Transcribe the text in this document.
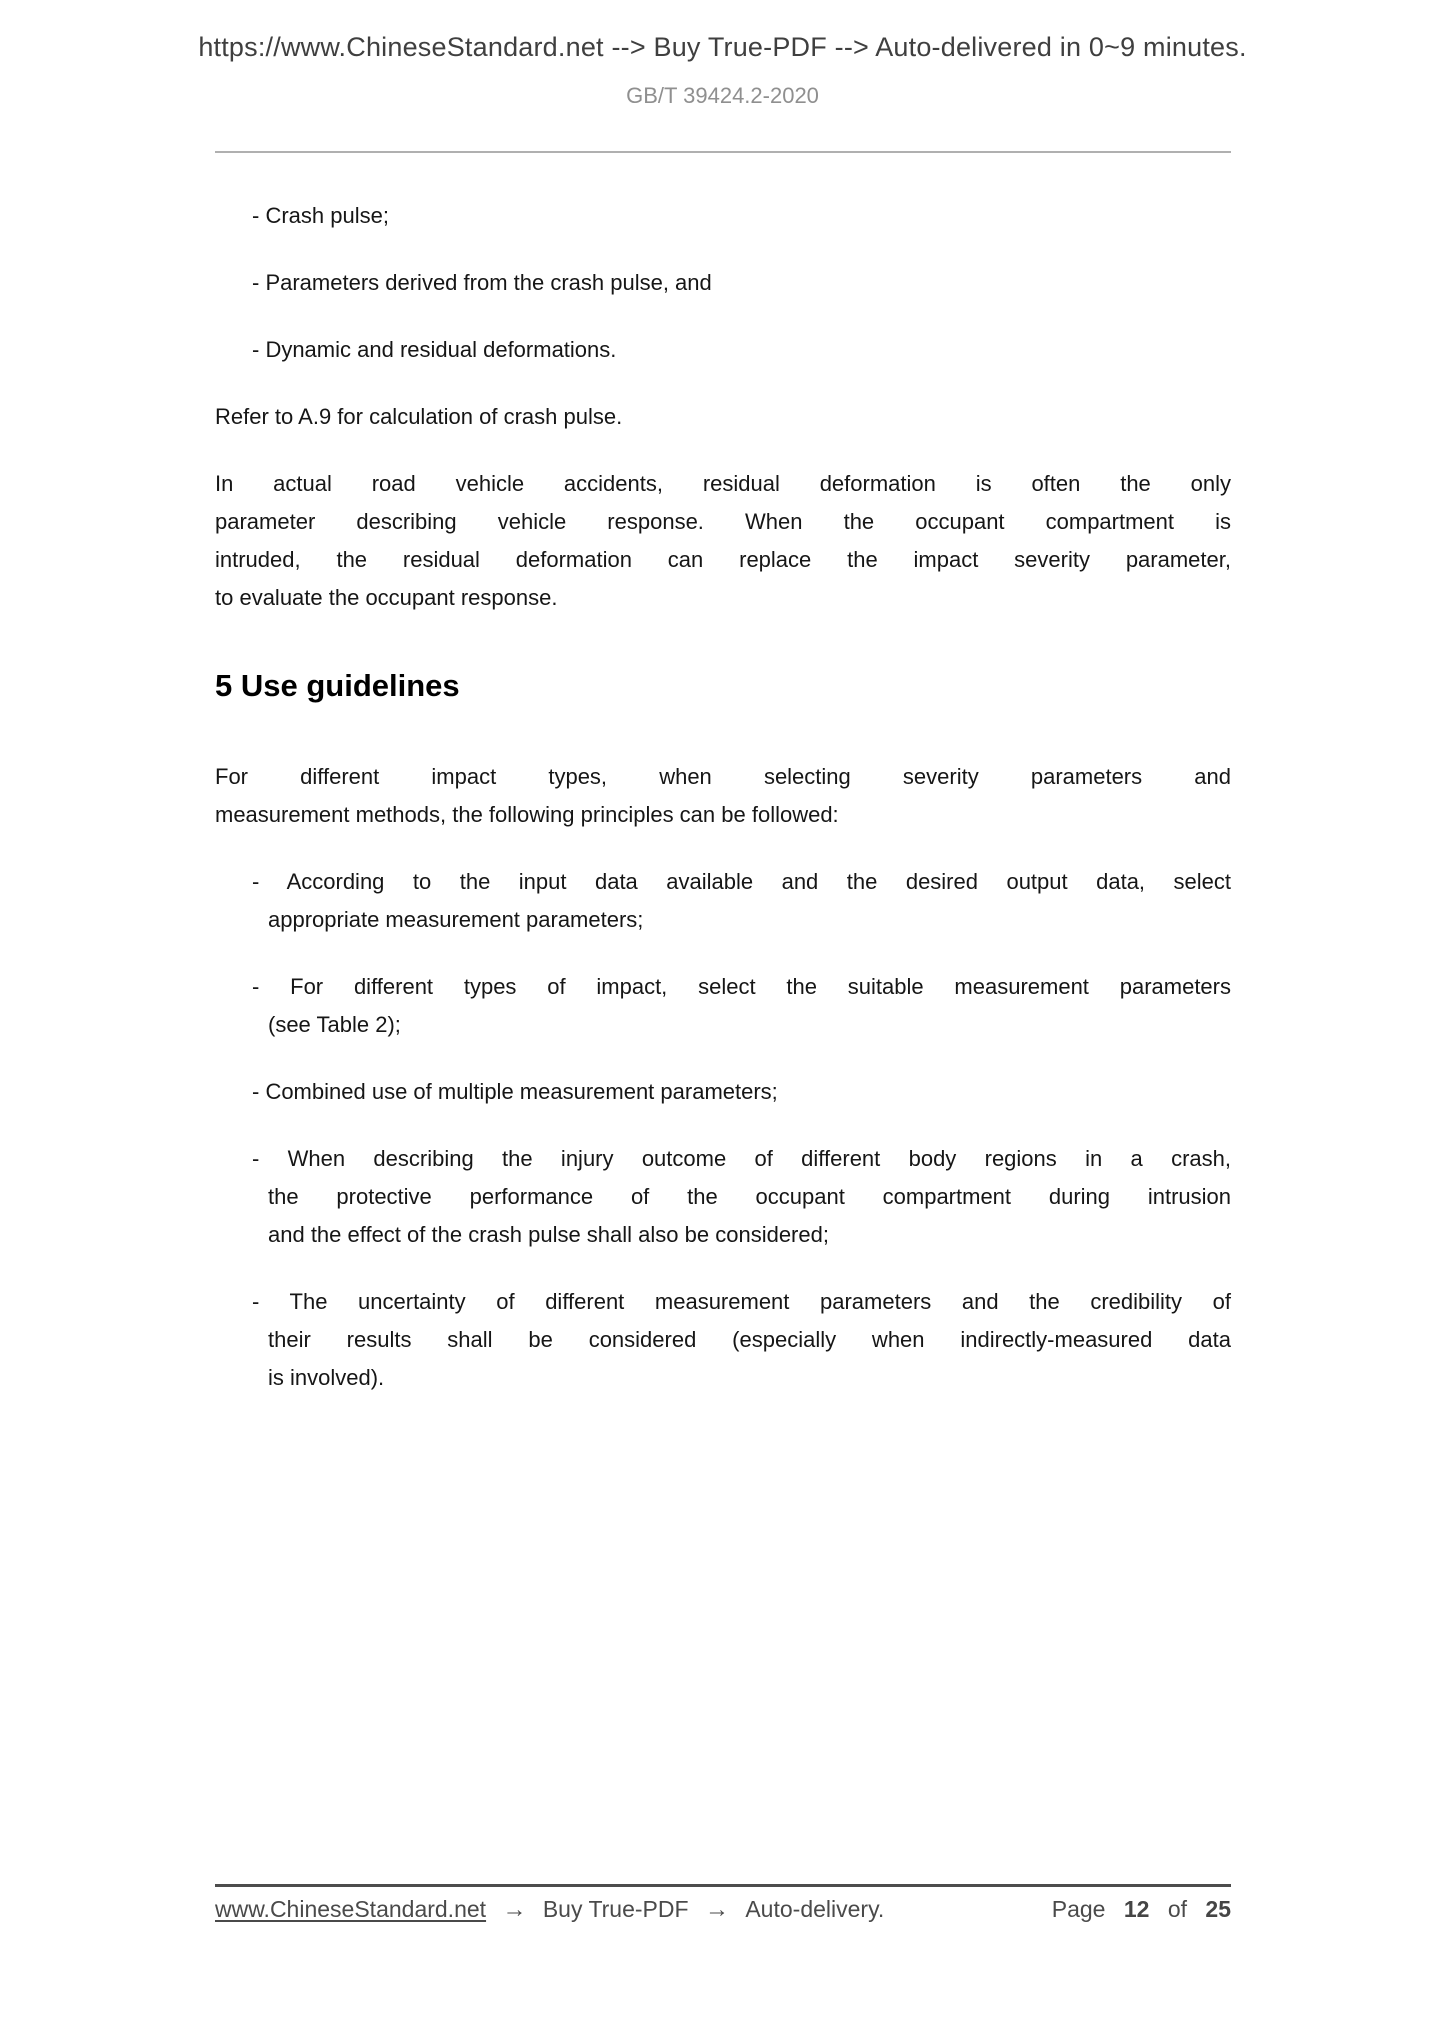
https://www.ChineseStandard.net --> Buy True-PDF --> Auto-delivered in 0~9 minutes.
GB/T 39424.2-2020
- Crash pulse;
- Parameters derived from the crash pulse, and
- Dynamic and residual deformations.
Refer to A.9 for calculation of crash pulse.
In actual road vehicle accidents, residual deformation is often the only
parameter describing vehicle response. When the occupant compartment is
intruded, the residual deformation can replace the impact severity parameter,
to evaluate the occupant response.
5 Use guidelines
For different impact types, when selecting severity parameters and
measurement methods, the following principles can be followed:
- According to the input data available and the desired output data, select
appropriate measurement parameters;
- For different types of impact, select the suitable measurement parameters
(see Table 2);
- Combined use of multiple measurement parameters;
- When describing the injury outcome of different body regions in a crash,
the protective performance of the occupant compartment during intrusion
and the effect of the crash pulse shall also be considered;
- The uncertainty of different measurement parameters and the credibility of
their results shall be considered (especially when indirectly-measured data
is involved).
www.ChineseStandard.net → Buy True-PDF → Auto-delivery.	Page 12 of 25
